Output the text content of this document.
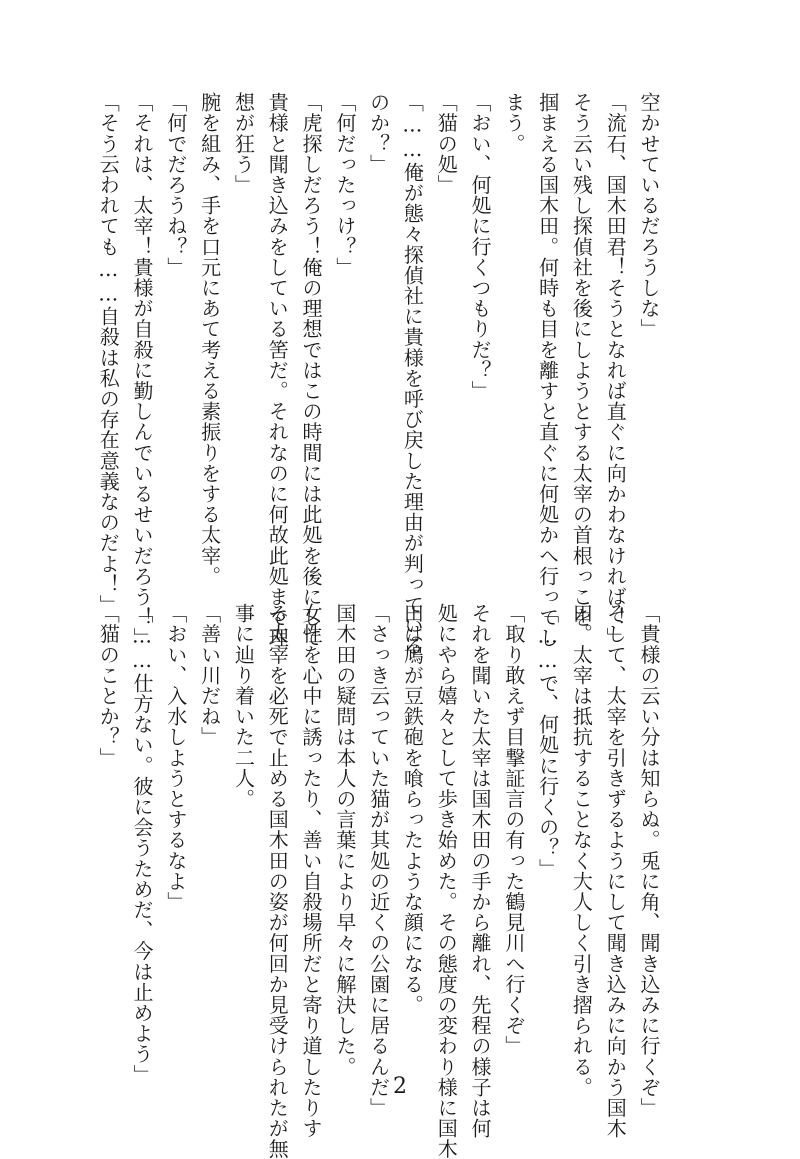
空かせているだろうしな」

「流石、国木田君！そうとなれば直ぐに向かわなければ！」

そう云い残し探偵社を後にしようとする太宰の首根っこを

掴まえる国木田。何時も目を離すと直ぐに何処かへ行ってし

まう。

「おい、何処に行くつもりだ？」

「猫の処」

「……俺が態々探偵社に貴様を呼び戻した理由が判っている

のか？」

「何だったっけ？」

「虎探しだろう！俺の理想ではこの時間には此処を後にして

貴様と聞き込みをしている筈だ。それなのに何故此処まで理

想が狂う」

腕を組み、手を口元にあて考える素振りをする太宰。

「何でだろうね？」

「それは、太宰！貴様が自殺に勤しんでいるせいだろう！」

「そう云われても……自殺は私の存在意義なのだよ！」

「貴様の云い分は知らぬ。兎に角、聞き込みに行くぞ」

そして、太宰を引きずるようにして聞き込みに向かう国木

田。太宰は抵抗することなく大人しく引き摺られる。

「……で、何処に行くの？」

「取り敢えず目撃証言の有った鶴見川へ行くぞ」

それを聞いた太宰は国木田の手から離れ、先程の様子は何

処にやら嬉々として歩き始めた。その態度の変わり様に国木

田は鳩が豆鉄砲を喰らったような顔になる。

「さっき云っていた猫が其処の近くの公園に居るんだ」

国木田の疑問は本人の言葉により早々に解決した。

女性を心中に誘ったり、善い自殺場所だと寄り道したりす

る太宰を必死で止める国木田の姿が何回か見受けられたが無

事に辿り着いた二人。

「善い川だね」

「おい、入水しようとするなよ」

「……仕方ない。彼に会うためだ、今は止めよう」

「猫のことか？」

2
